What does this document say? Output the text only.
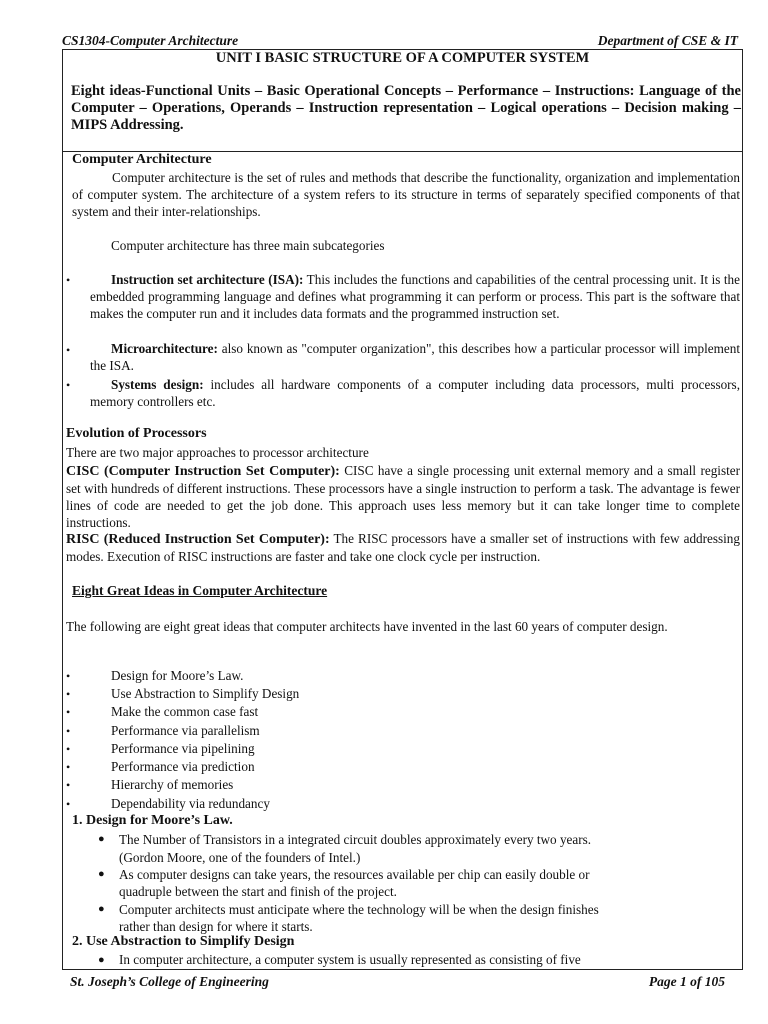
CS1304-Computer Architecture	Department of CSE & IT
UNIT I BASIC STRUCTURE OF A COMPUTER SYSTEM
Eight ideas-Functional Units – Basic Operational Concepts – Performance – Instructions: Language of the Computer – Operations, Operands – Instruction representation – Logical operations – Decision making – MIPS Addressing.
Computer Architecture
Computer architecture is the set of rules and methods that describe the functionality, organization and implementation of computer system. The architecture of a system refers to its structure in terms of separately specified components of that system and their inter-relationships.
Computer architecture has three main subcategories
•	Instruction set architecture (ISA): This includes the functions and capabilities of the central processing unit. It is the embedded programming language and defines what programming it can perform or process. This part is the software that makes the computer run and it includes data formats and the programmed instruction set.
•	Microarchitecture: also known as "computer organization", this describes how a particular processor will implement the ISA.
•	Systems design: includes all hardware components of a computer including data processors, multi processors, memory controllers etc.
Evolution of Processors
There are two major approaches to processor architecture
CISC (Computer Instruction Set Computer): CISC have a single processing unit external memory and a small register set with hundreds of different instructions. These processors have a single instruction to perform a task. The advantage is fewer lines of code are needed to get the job done. This approach uses less memory but it can take longer time to complete instructions.
RISC (Reduced Instruction Set Computer): The RISC processors have a smaller set of instructions with few addressing modes. Execution of RISC instructions are faster and take one clock cycle per instruction.
Eight Great Ideas in Computer Architecture
The following are eight great ideas that computer architects have invented in the last 60 years of computer design.
•	Design for Moore’s Law.
•	Use Abstraction to Simplify Design
•	Make the common case fast
•	Performance via parallelism
•	Performance via pipelining
•	Performance via prediction
•	Hierarchy of memories
•	Dependability via redundancy
1. Design for Moore’s Law.
● The Number of Transistors in a integrated circuit doubles approximately every two years.
(Gordon Moore, one of the founders of Intel.)
● As computer designs can take years, the resources available per chip can easily double or
quadruple between the start and finish of the project.
● Computer architects must anticipate where the technology will be when the design finishes
rather than design for where it starts.
2. Use Abstraction to Simplify Design
● In computer architecture, a computer system is usually represented as consisting of five
St. Joseph’s College of Engineering	Page 1 of 105
